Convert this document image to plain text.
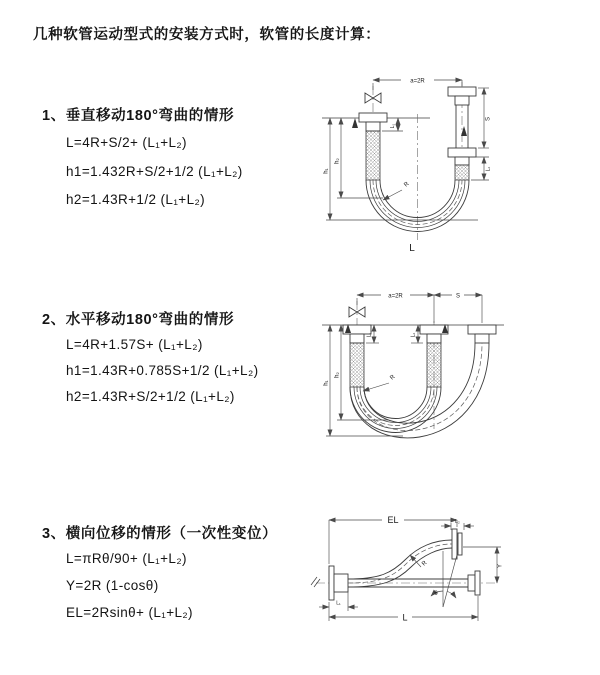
几种软管运动型式的安装方式时，软管的长度计算：
1、垂直移动180°弯曲的情形
L=4R+S/2+ (L₁+L₂)
h1=1.432R+S/2+1/2 (L₁+L₂)
h2=1.43R+1/2 (L₁+L₂)
2、水平移动180°弯曲的情形
L=4R+1.57S+ (L₁+L₂)
h1=1.43R+0.785S+1/2 (L₁+L₂)
h2=1.43R+S/2+1/2 (L₁+L₂)
3、横向位移的情形（一次性变位）
L=πRθ/90+ (L₁+L₂)
Y=2R (1-cosθ)
EL=2Rsinθ+ (L₁+L₂)
a=2R
h₁
h₂
L₁
S
L₂
R
L
a=2R	S
h₁
h₂
L₁	L₂
R
EL	L₂
θ
R	Y
L₁
L
